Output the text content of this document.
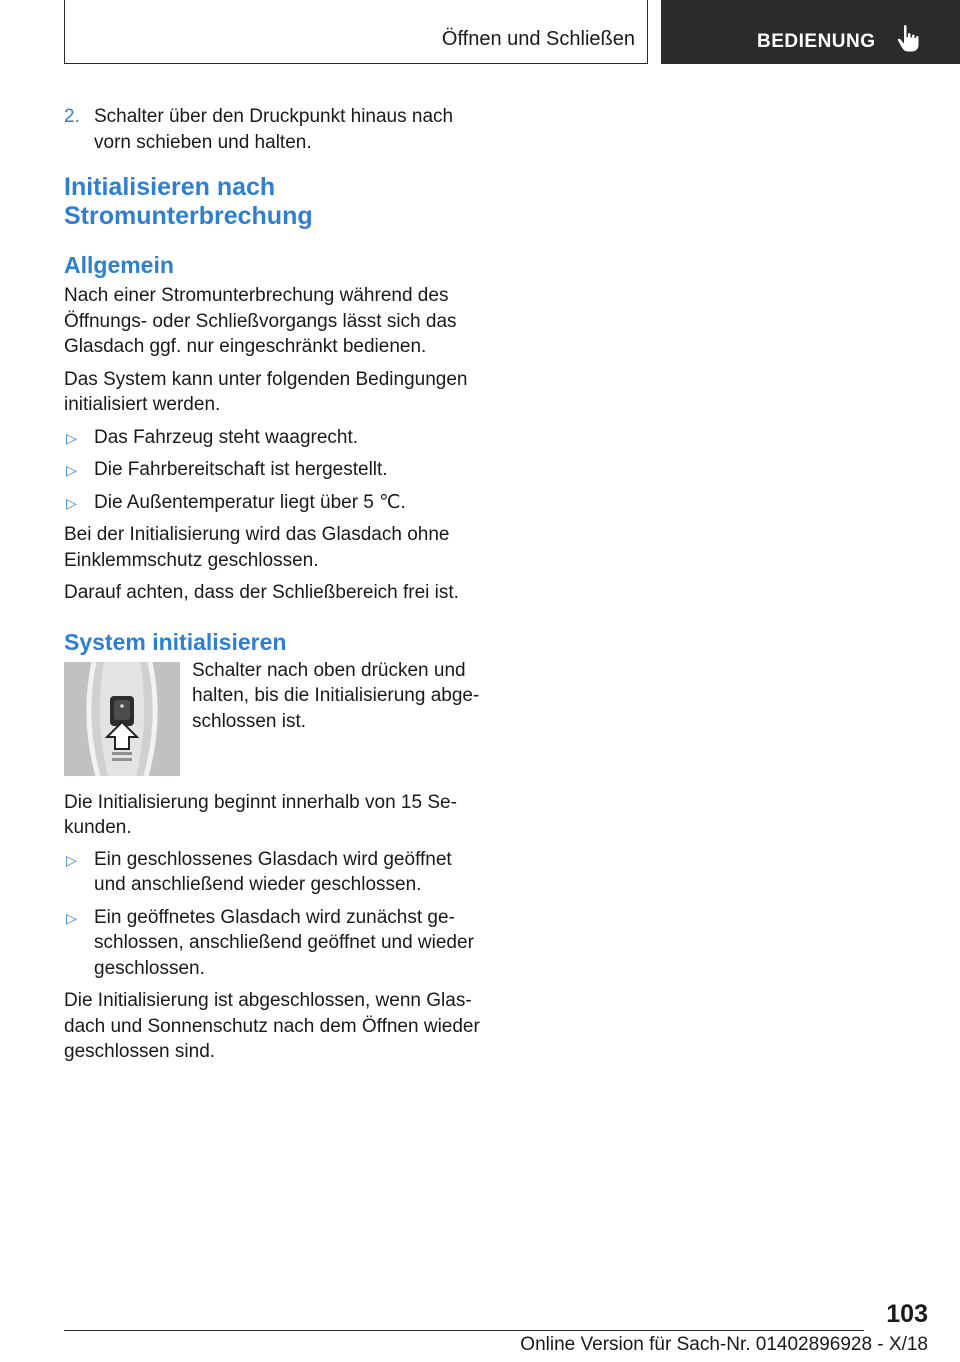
Öffnen und Schließen	BEDIENUNG
2. Schalter über den Druckpunkt hinaus nach vorn schieben und halten.
Initialisieren nach Stromunterbrechung
Allgemein

Nach einer Stromunterbrechung während des Öffnungs- oder Schließvorgangs lässt sich das Glasdach ggf. nur eingeschränkt bedienen.

Das System kann unter folgenden Bedingungen initialisiert werden.

▷ Das Fahrzeug steht waagrecht.
▷ Die Fahrbereitschaft ist hergestellt.
▷ Die Außentemperatur liegt über 5 ℃.

Bei der Initialisierung wird das Glasdach ohne Einklemmschutz geschlossen.

Darauf achten, dass der Schließbereich frei ist.

System initialisieren
Schalter nach oben drücken und halten, bis die Initialisierung abgeschlossen ist.

Die Initialisierung beginnt innerhalb von 15 Sekunden.

▷ Ein geschlossenes Glasdach wird geöffnet und anschließend wieder geschlossen.
▷ Ein geöffnetes Glasdach wird zunächst geschlossen, anschließend geöffnet und wieder geschlossen.

Die Initialisierung ist abgeschlossen, wenn Glasdach und Sonnenschutz nach dem Öffnen wieder geschlossen sind.

103
Online Version für Sach-Nr. 01402896928 - X/18
